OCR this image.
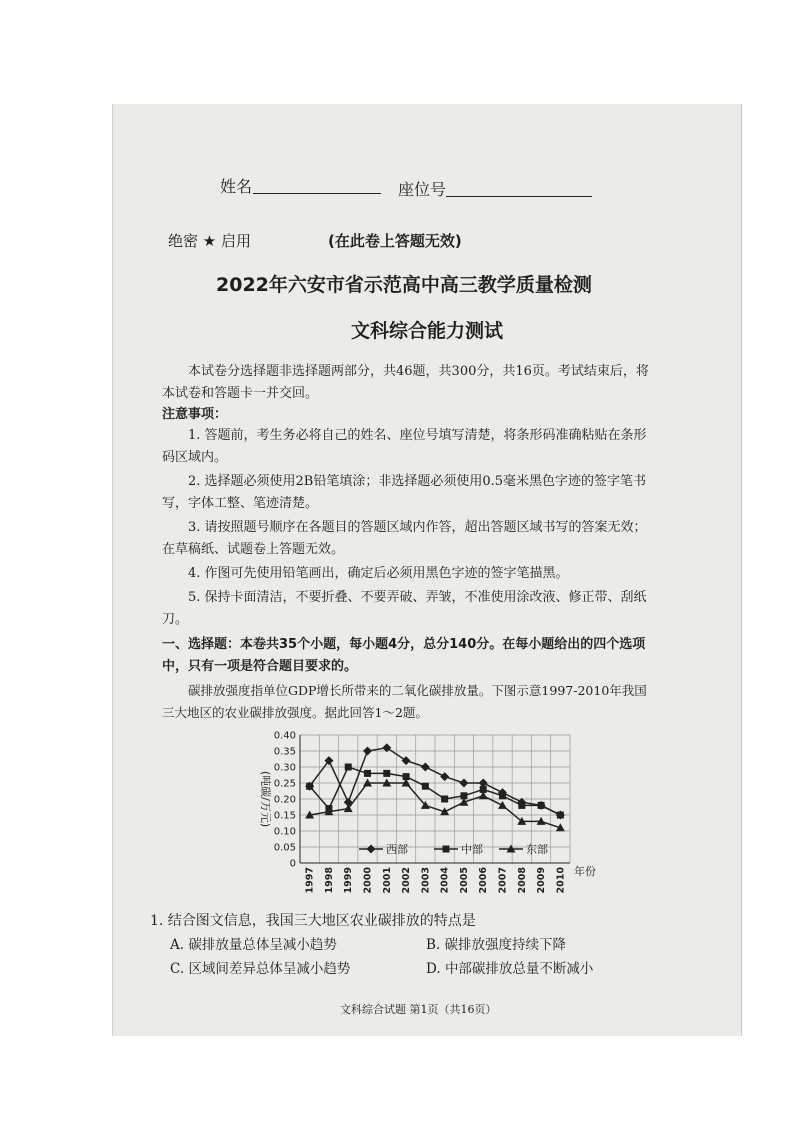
姓名	座位号
绝密 ★ 启用	(在此卷上答题无效)
2022年六安市省示范高中高三教学质量检测
文科综合能力测试
本试卷分选择题非选择题两部分，共46题，共300分，共16页。考试结束后，将本试卷和答题卡一并交回。
注意事项：
1. 答题前，考生务必将自己的姓名、座位号填写清楚，将条形码准确粘贴在条形码区域内。
2. 选择题必须使用2B铅笔填涂；非选择题必须使用0.5毫米黑色字迹的签字笔书写，字体工整、笔迹清楚。
3. 请按照题号顺序在各题目的答题区域内作答，超出答题区域书写的答案无效；在草稿纸、试题卷上答题无效。
4. 作图可先使用铅笔画出，确定后必须用黑色字迹的签字笔描黑。
5. 保持卡面清洁，不要折叠、不要弄破、弄皱，不准使用涂改液、修正带、刮纸刀。
一、选择题：本卷共35个小题，每小题4分，总分140分。在每小题给出的四个选项中，只有一项是符合题目要求的。
碳排放强度指单位GDP增长所带来的二氧化碳排放量。下图示意1997-2010年我国三大地区的农业碳排放强度。据此回答1～2题。
0
0.05
0.10
0.15
0.20
0.25
0.30
0.35
0.40
1997 1998 1999 2000 2001 2002 2003 2004 2005 2006 2007 2008 2009 2010
(吨碳/万元)
年份
西部	中部	东部
1. 结合图文信息，我国三大地区农业碳排放的特点是
A. 碳排放量总体呈减小趋势	B. 碳排放强度持续下降
C. 区域间差异总体呈减小趋势	D. 中部碳排放总量不断减小
文科综合试题 第1页（共16页）
